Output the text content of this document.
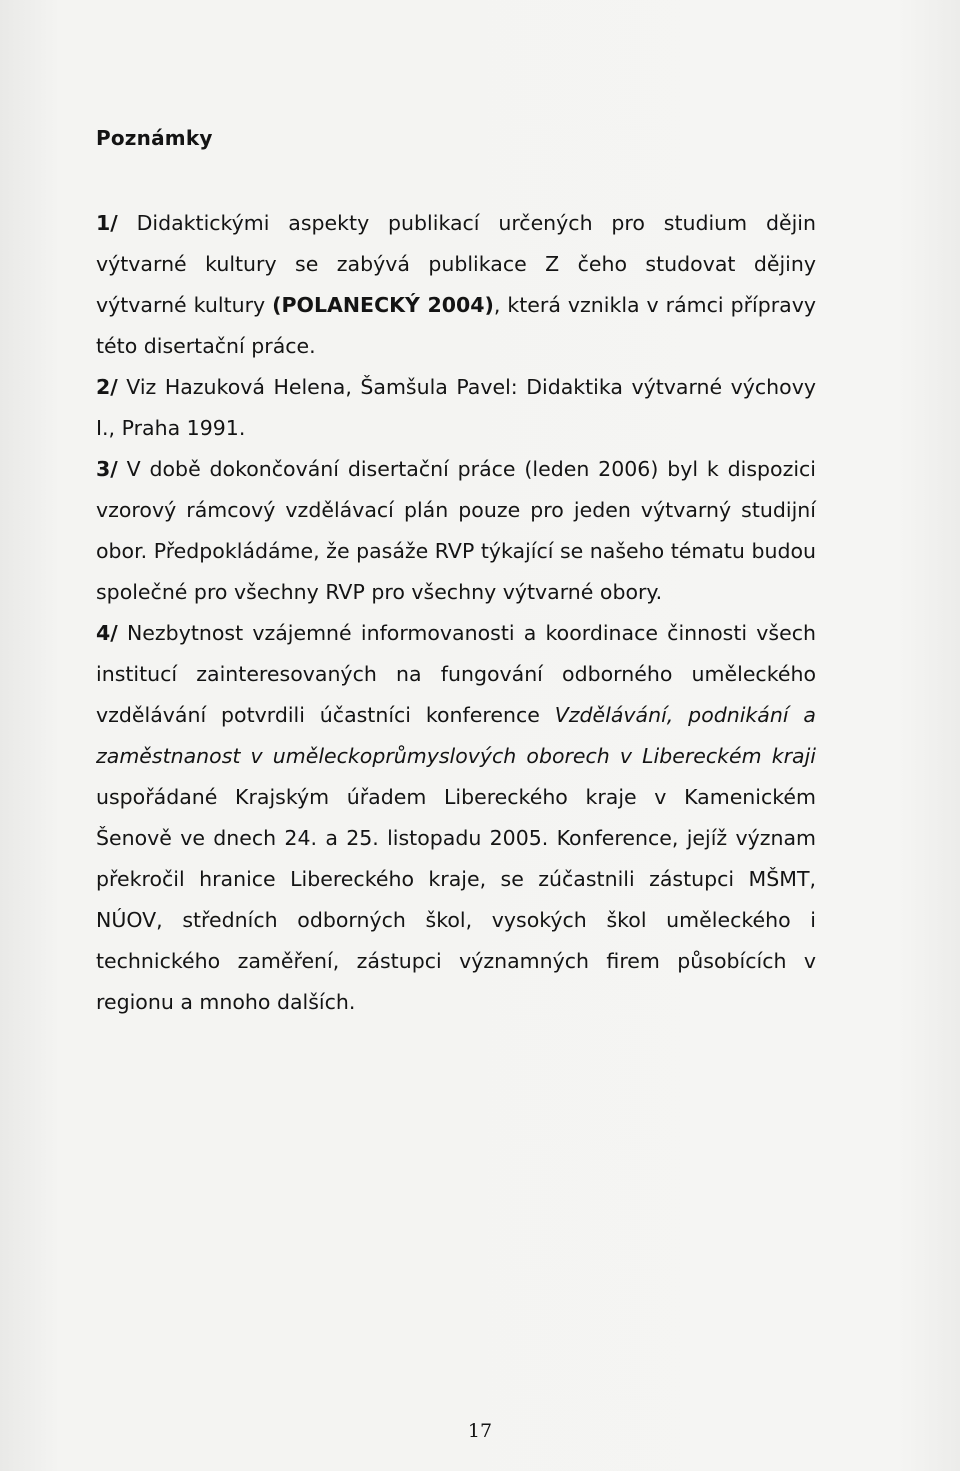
Poznámky

1/ Didaktickými aspekty publikací určených pro studium dějin výtvarné kultury se zabývá publikace Z čeho studovat dějiny výtvarné kultury (POLANECKÝ 2004), která vznikla v rámci přípravy této disertační práce.

2/ Viz Hazuková Helena, Šamšula Pavel: Didaktika výtvarné výchovy I., Praha 1991.

3/ V době dokončování disertační práce (leden 2006) byl k dispozici vzorový rámcový vzdělávací plán pouze pro jeden výtvarný studijní obor. Předpokládáme, že pasáže RVP týkající se našeho tématu budou společné pro všechny RVP pro všechny výtvarné obory.

4/ Nezbytnost vzájemné informovanosti a koordinace činnosti všech institucí zainteresovaných na fungování odborného uměleckého vzdělávání potvrdili účastníci konference Vzdělávání, podnikání a zaměstnanost v uměleckoprůmyslových oborech v Libereckém kraji uspořádané Krajským úřadem Libereckého kraje v Kamenickém Šenově ve dnech 24. a 25. listopadu 2005. Konference, jejíž význam překročil hranice Libereckého kraje, se zúčastnili zástupci MŠMT, NÚOV, středních odborných škol, vysokých škol uměleckého i technického zaměření, zástupci významných firem působících v regionu a mnoho dalších.

17
